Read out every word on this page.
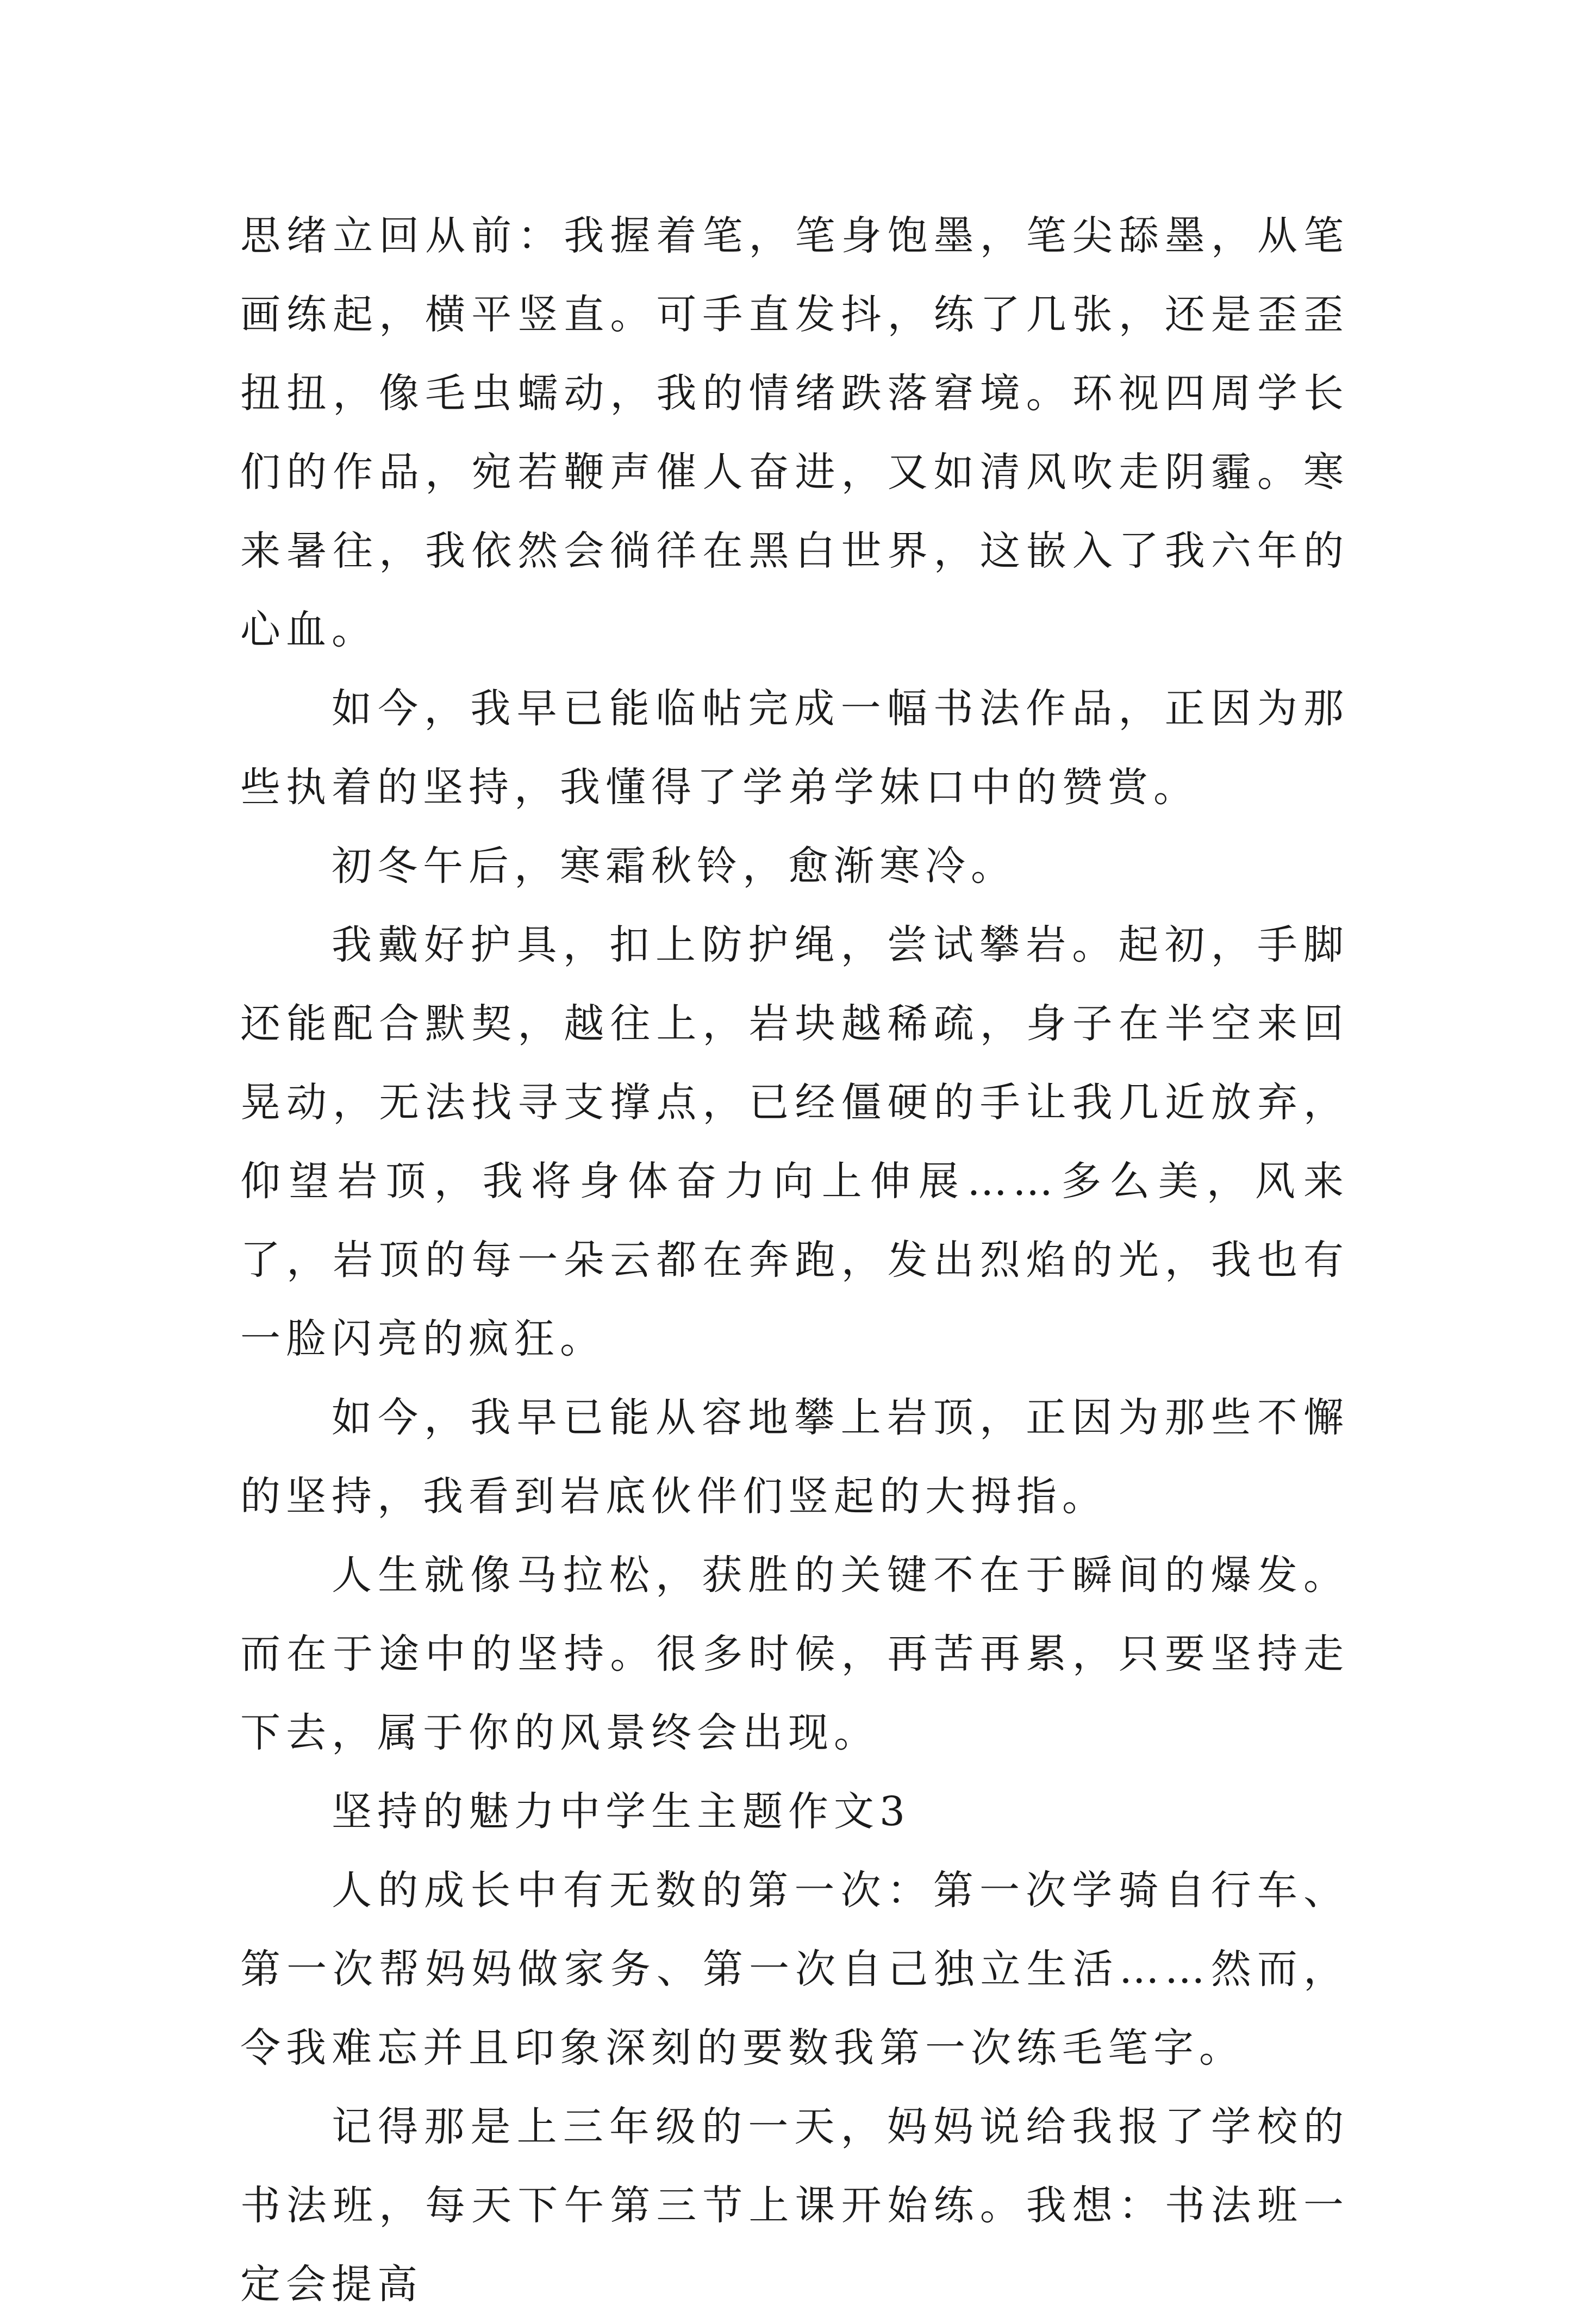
思绪立回从前：我握着笔，笔身饱墨，笔尖舔墨，从笔画练起，横平竖直。可手直发抖，练了几张，还是歪歪扭扭，像毛虫蠕动，我的情绪跌落窘境。环视四周学长们的作品，宛若鞭声催人奋进，又如清风吹走阴霾。寒来暑往，我依然会徜徉在黑白世界，这嵌入了我六年的心血。

如今，我早已能临帖完成一幅书法作品，正因为那些执着的坚持，我懂得了学弟学妹口中的赞赏。

初冬午后，寒霜秋铃，愈渐寒冷。

我戴好护具，扣上防护绳，尝试攀岩。起初，手脚还能配合默契，越往上，岩块越稀疏，身子在半空来回晃动，无法找寻支撑点，已经僵硬的手让我几近放弃，仰望岩顶，我将身体奋力向上伸展……多么美，风来了，岩顶的每一朵云都在奔跑，发出烈焰的光，我也有一脸闪亮的疯狂。

如今，我早已能从容地攀上岩顶，正因为那些不懈的坚持，我看到岩底伙伴们竖起的大拇指。

人生就像马拉松，获胜的关键不在于瞬间的爆发。而在于途中的坚持。很多时候，再苦再累，只要坚持走下去，属于你的风景终会出现。

坚持的魅力中学生主题作文3

人的成长中有无数的第一次：第一次学骑自行车、第一次帮妈妈做家务、第一次自己独立生活……然而，令我难忘并且印象深刻的要数我第一次练毛笔字。

记得那是上三年级的一天，妈妈说给我报了学校的书法班，每天下午第三节上课开始练。我想：书法班一定会提高
